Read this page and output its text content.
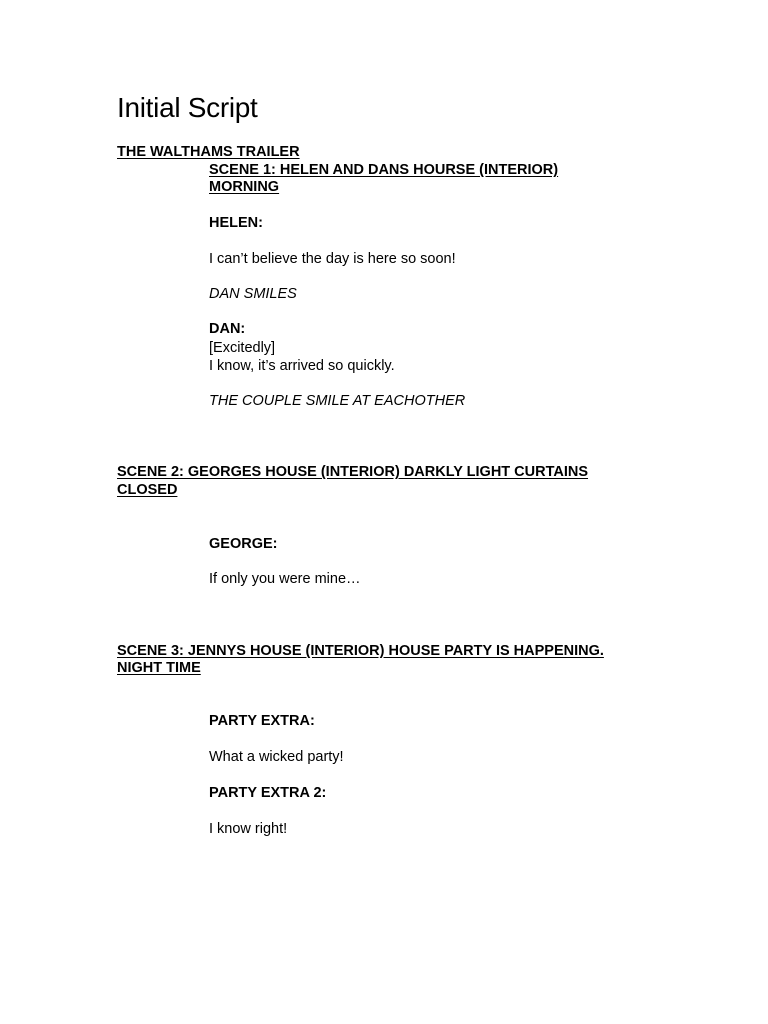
Initial Script
THE WALTHAMS TRAILER
SCENE 1: HELEN AND DANS HOURSE (INTERIOR)
MORNING
HELEN:
I can’t believe the day is here so soon!
DAN SMILES
DAN:
[Excitedly]
I know, it’s arrived so quickly.
THE COUPLE SMILE AT EACHOTHER
SCENE 2: GEORGES HOUSE (INTERIOR) DARKLY LIGHT CURTAINS
CLOSED
GEORGE:
If only you were mine…
SCENE 3: JENNYS HOUSE (INTERIOR) HOUSE PARTY IS HAPPENING.
NIGHT TIME
PARTY EXTRA:
What a wicked party!
PARTY EXTRA 2:
I know right!
